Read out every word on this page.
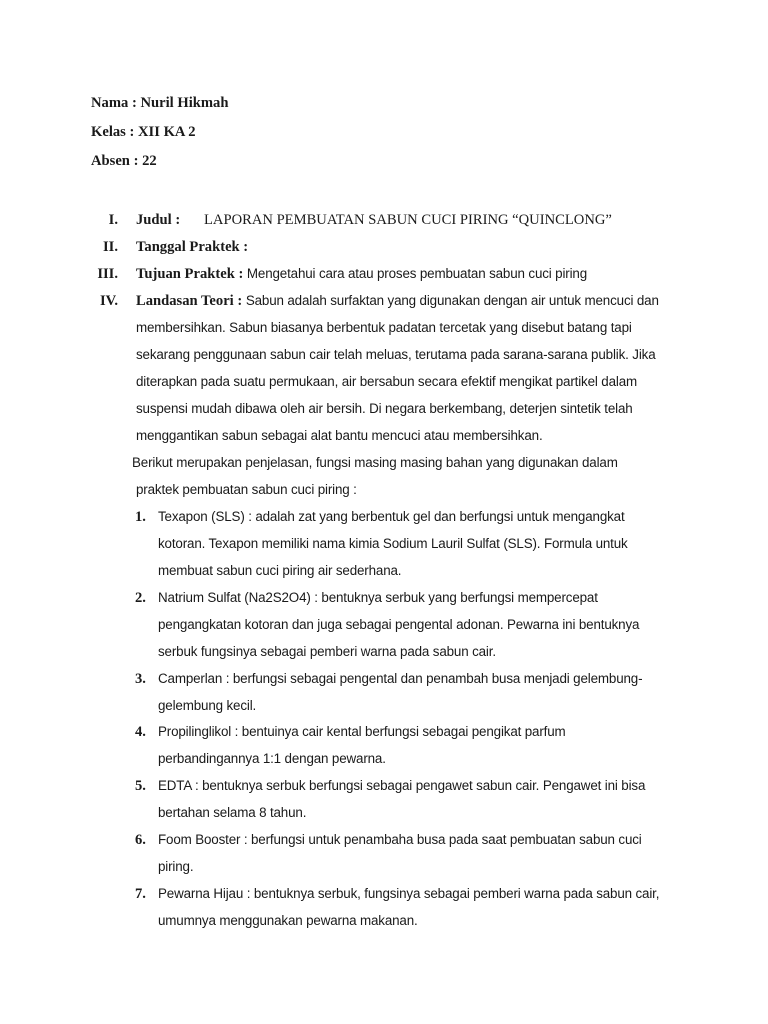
Nama : Nuril Hikmah
Kelas : XII KA 2
Absen : 22
I. Judul : LAPORAN PEMBUATAN SABUN CUCI PIRING “QUINCLONG”
II. Tanggal Praktek :
III. Tujuan Praktek : Mengetahui cara atau proses pembuatan sabun cuci piring
IV. Landasan Teori : Sabun adalah surfaktan yang digunakan dengan air untuk mencuci dan
membersihkan. Sabun biasanya berbentuk padatan tercetak yang disebut batang tapi
sekarang penggunaan sabun cair telah meluas, terutama pada sarana-sarana publik. Jika
diterapkan pada suatu permukaan, air bersabun secara efektif mengikat partikel dalam
suspensi mudah dibawa oleh air bersih. Di negara berkembang, deterjen sintetik telah
menggantikan sabun sebagai alat bantu mencuci atau membersihkan.
Berikut merupakan penjelasan, fungsi masing masing bahan yang digunakan dalam
praktek pembuatan sabun cuci piring :
1. Texapon (SLS) : adalah zat yang berbentuk gel dan berfungsi untuk mengangkat
kotoran. Texapon memiliki nama kimia Sodium Lauril Sulfat (SLS). Formula untuk
membuat sabun cuci piring air sederhana.
2. Natrium Sulfat (Na2S2O4) : bentuknya serbuk yang berfungsi mempercepat
pengangkatan kotoran dan juga sebagai pengental adonan. Pewarna ini bentuknya
serbuk fungsinya sebagai pemberi warna pada sabun cair.
3. Camperlan : berfungsi sebagai pengental dan penambah busa menjadi gelembung-
gelembung kecil.
4. Propilinglikol : bentuinya cair kental berfungsi sebagai pengikat parfum
perbandingannya 1:1 dengan pewarna.
5. EDTA : bentuknya serbuk berfungsi sebagai pengawet sabun cair. Pengawet ini bisa
bertahan selama 8 tahun.
6. Foom Booster : berfungsi untuk penambaha busa pada saat pembuatan sabun cuci
piring.
7. Pewarna Hijau : bentuknya serbuk, fungsinya sebagai pemberi warna pada sabun cair,
umumnya menggunakan pewarna makanan.
